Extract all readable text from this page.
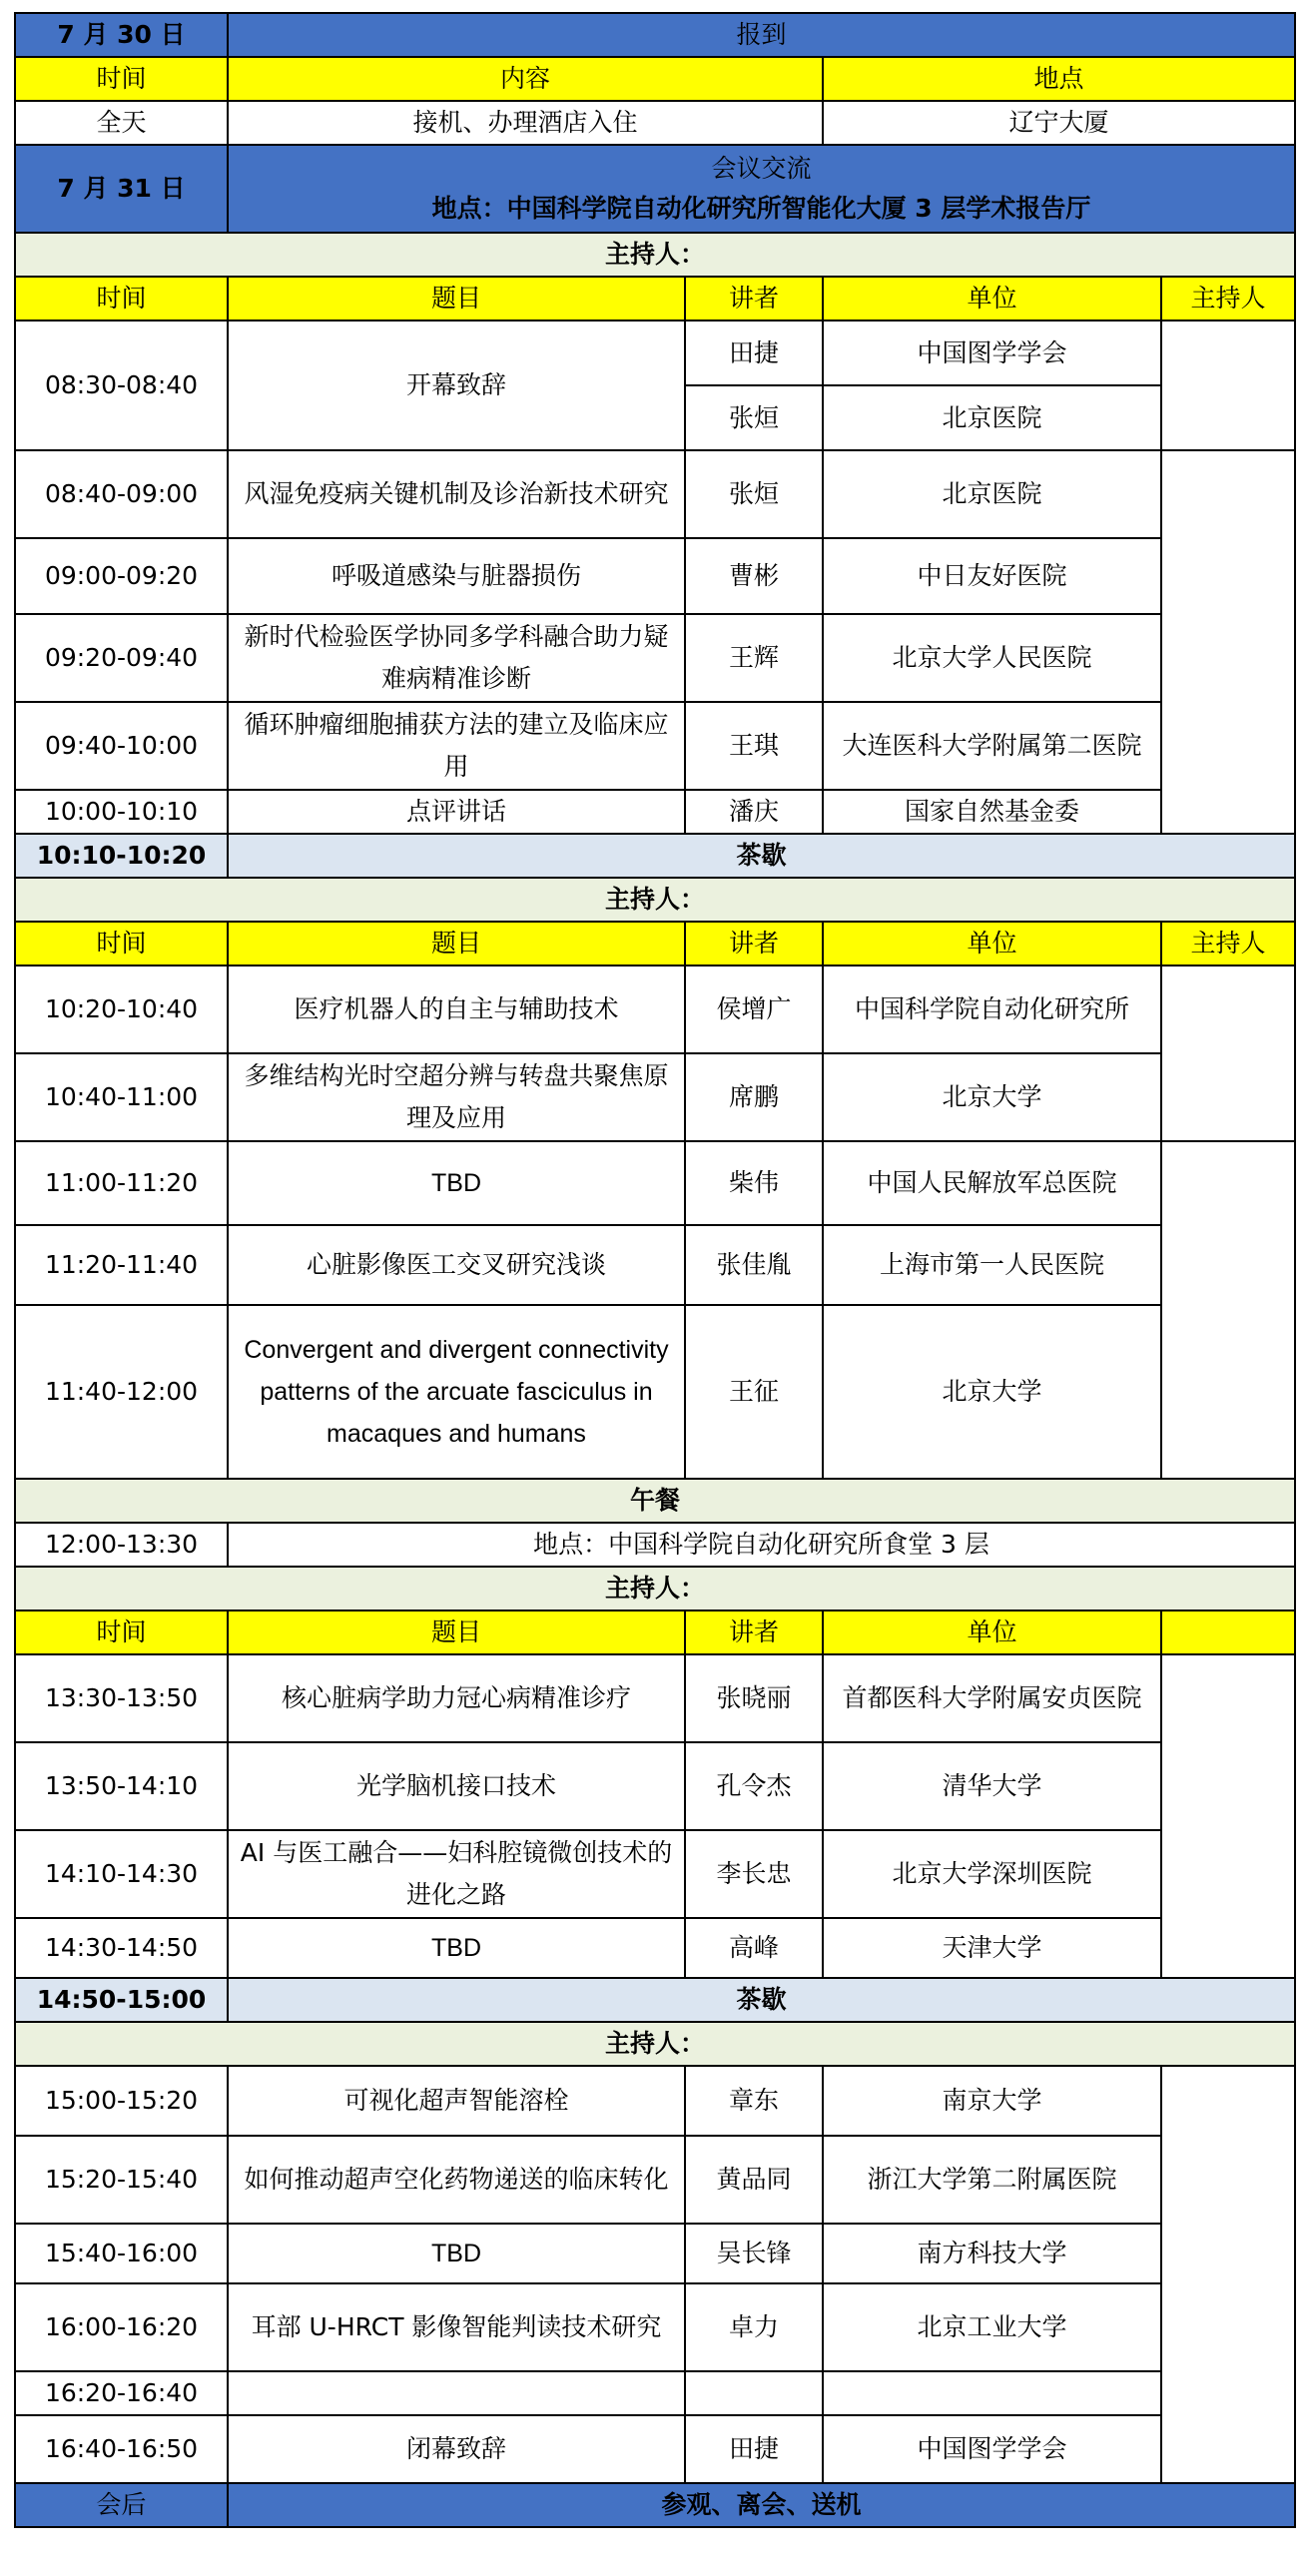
7 月 30 日	报到			
时间	内容		地点	
全天	接机、办理酒店入住		辽宁大厦	
7 月 31 日	会议交流
地点：中国科学院自动化研究所智能化大厦 3 层学术报告厅			

主持人：				
时间	题目	讲者	单位	主持人
08:30-08:40	开幕致辞	田捷	中国图学学会	
		张烜	北京医院	
08:40-09:00	风湿免疫病关键机制及诊治新技术研究	张烜	北京医院	
09:00-09:20	呼吸道感染与脏器损伤	曹彬	中日友好医院	
09:20-09:40	新时代检验医学协同多学科融合助力疑难病精准诊断	王辉	北京大学人民医院	
09:40-10:00	循环肿瘤细胞捕获方法的建立及临床应用	王琪	大连医科大学附属第二医院	
10:00-10:10	点评讲话	潘庆	国家自然基金委	
10:10-10:20	茶歇			
主持人：				
时间	题目	讲者	单位	主持人
10:20-10:40	医疗机器人的自主与辅助技术	侯增广	中国科学院自动化研究所	
10:40-11:00	多维结构光时空超分辨与转盘共聚焦原理及应用	席鹏	北京大学	
11:00-11:20	TBD	柴伟	中国人民解放军总医院	
11:20-11:40	心脏影像医工交叉研究浅谈	张佳胤	上海市第一人民医院	
11:40-12:00	Convergent and divergent connectivity patterns of the arcuate fasciculus in macaques and humans	王征	北京大学	
午餐				
12:00-13:30	地点：中国科学院自动化研究所食堂 3 层			
主持人：				
时间	题目	讲者	单位	
13:30-13:50	核心脏病学助力冠心病精准诊疗	张晓丽	首都医科大学附属安贞医院	
13:50-14:10	光学脑机接口技术	孔令杰	清华大学	
14:10-14:30	AI 与医工融合——妇科腔镜微创技术的进化之路	李长忠	北京大学深圳医院	
14:30-14:50	TBD	高峰	天津大学	
14:50-15:00	茶歇			
主持人：				
15:00-15:20	可视化超声智能溶栓	章东	南京大学	
15:20-15:40	如何推动超声空化药物递送的临床转化	黄品同	浙江大学第二附属医院	
15:40-16:00	TBD	吴长锋	南方科技大学	
16:00-16:20	耳部 U-HRCT 影像智能判读技术研究	卓力	北京工业大学	
16:20-16:40				
16:40-16:50	闭幕致辞	田捷	中国图学学会	
会后	参观、离会、送机			
